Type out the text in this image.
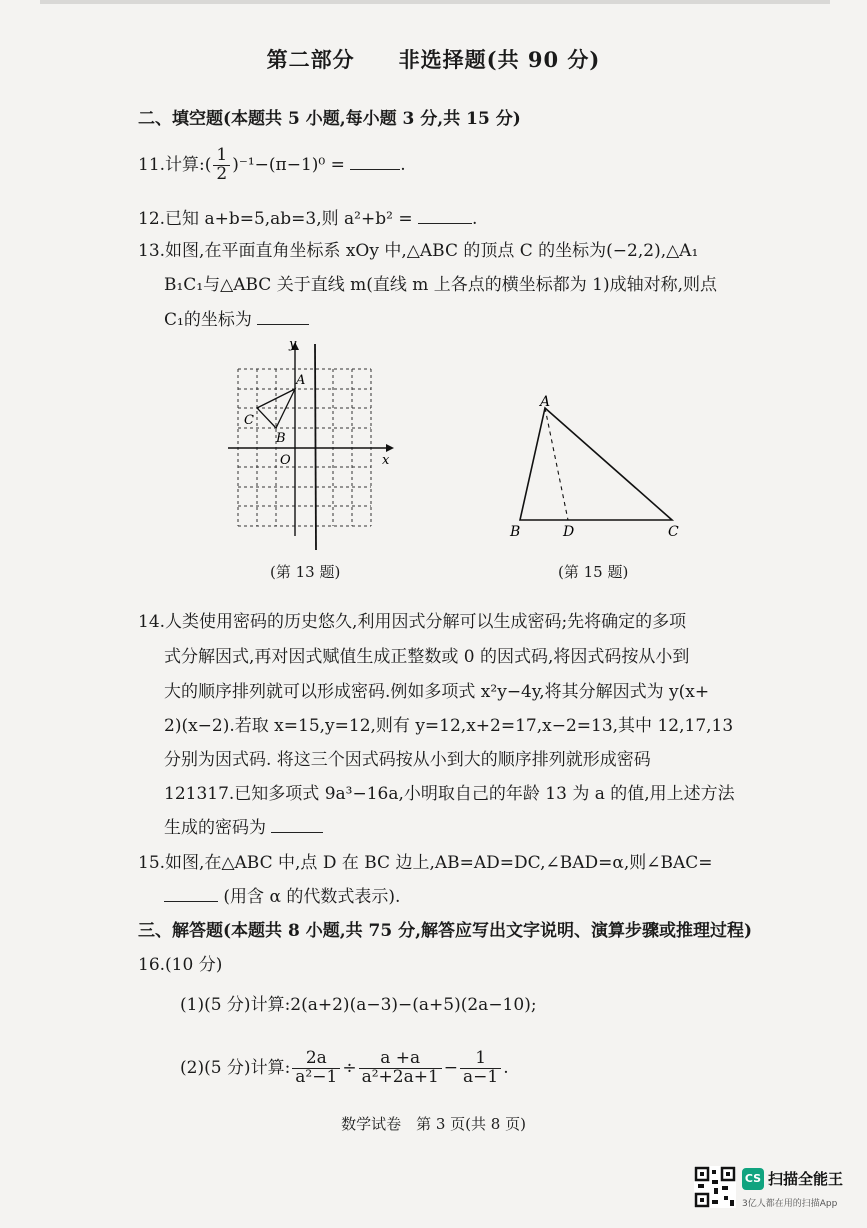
第二部分　　非选择题(共 90 分)
二、填空题(本题共 5 小题,每小题 3 分,共 15 分)
11.计算:( $\frac{1}{2} )^{-1}-(\pi-1)^0$ =	.
12.已知 a+b=5,ab=3,则 a²+b² =	.
13.如图,在平面直角坐标系 xOy 中,△ABC 的顶点 C 的坐标为(−2,2),△A₁
B₁C₁与△ABC 关于直线 m(直线 m 上各点的横坐标都为 1)成轴对称,则点
C₁的坐标为
y
x
O
A
B
C
(第 13 题)
A
B	C
D
(第 15 题)
14.人类使用密码的历史悠久,利用因式分解可以生成密码;先将确定的多项
式分解因式,再对因式赋值生成正整数或 0 的因式码,将因式码按从小到
大的顺序排列就可以形成密码.例如多项式 x²y−4y,将其分解因式为 y(x+
2)(x−2).若取 x=15,y=12,则有 y=12,x+2=17,x−2=13,其中 12,17,13
分别为因式码. 将这三个因式码按从小到大的顺序排列就形成密码
121317.已知多项式 9a³−16a,小明取自己的年龄 13 为 a 的值,用上述方法
生成的密码为
15.如图,在△ABC 中,点 D 在 BC 边上,AB=AD=DC,∠BAD=α,则∠BAC=
(用含 α 的代数式表示).
三、解答题(本题共 8 小题,共 75 分,解答应写出文字说明、演算步骤或推理过程)
16.(10 分)
(1)(5 分)计算:2(a+2)(a−3)−(a+5)(2a−10);
(2)(5 分)计算: $\frac{2a}{\text{a²−1}} \div \frac{a +a}{\text{a²+2a+1}} - \frac{1}{a-1}$ .
数学试卷　第 3 页(共 8 页)
CS 扫描全能王
3亿人都在用的扫描App
